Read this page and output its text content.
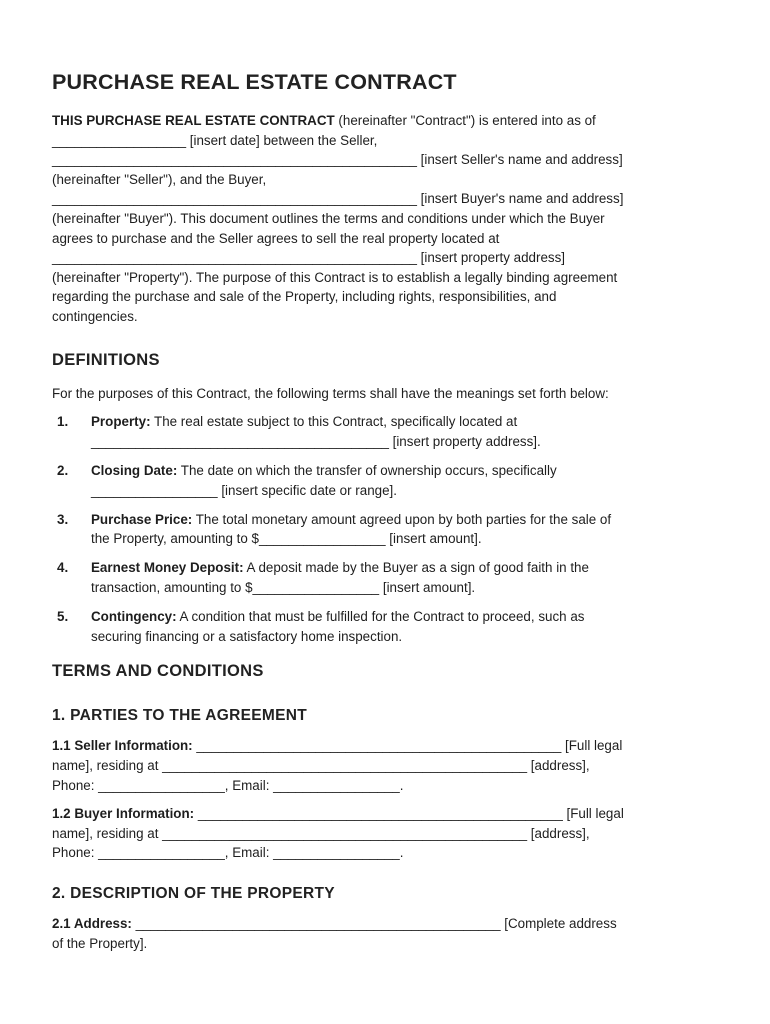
PURCHASE REAL ESTATE CONTRACT

THIS PURCHASE REAL ESTATE CONTRACT (hereinafter "Contract") is entered into as of
__________________ [insert date] between the Seller,
_________________________________________________ [insert Seller's name and address]
(hereinafter "Seller"), and the Buyer,
_________________________________________________ [insert Buyer's name and address]
(hereinafter "Buyer"). This document outlines the terms and conditions under which the Buyer
agrees to purchase and the Seller agrees to sell the real property located at
_________________________________________________ [insert property address]
(hereinafter "Property"). The purpose of this Contract is to establish a legally binding agreement
regarding the purchase and sale of the Property, including rights, responsibilities, and
contingencies.

DEFINITIONS

For the purposes of this Contract, the following terms shall have the meanings set forth below:

1. Property: The real estate subject to this Contract, specifically located at
________________________________________ [insert property address].
2. Closing Date: The date on which the transfer of ownership occurs, specifically
_________________ [insert specific date or range].
3. Purchase Price: The total monetary amount agreed upon by both parties for the sale of
the Property, amounting to $_________________ [insert amount].
4. Earnest Money Deposit: A deposit made by the Buyer as a sign of good faith in the
transaction, amounting to $_________________ [insert amount].
5. Contingency: A condition that must be fulfilled for the Contract to proceed, such as
securing financing or a satisfactory home inspection.
TERMS AND CONDITIONS
1. PARTIES TO THE AGREEMENT

1.1 Seller Information: _________________________________________________ [Full legal
name], residing at _________________________________________________ [address],
Phone: _________________, Email: _________________.

1.2 Buyer Information: _________________________________________________ [Full legal
name], residing at _________________________________________________ [address],
Phone: _________________, Email: _________________.

2. DESCRIPTION OF THE PROPERTY

2.1 Address: _________________________________________________ [Complete address
of the Property].
